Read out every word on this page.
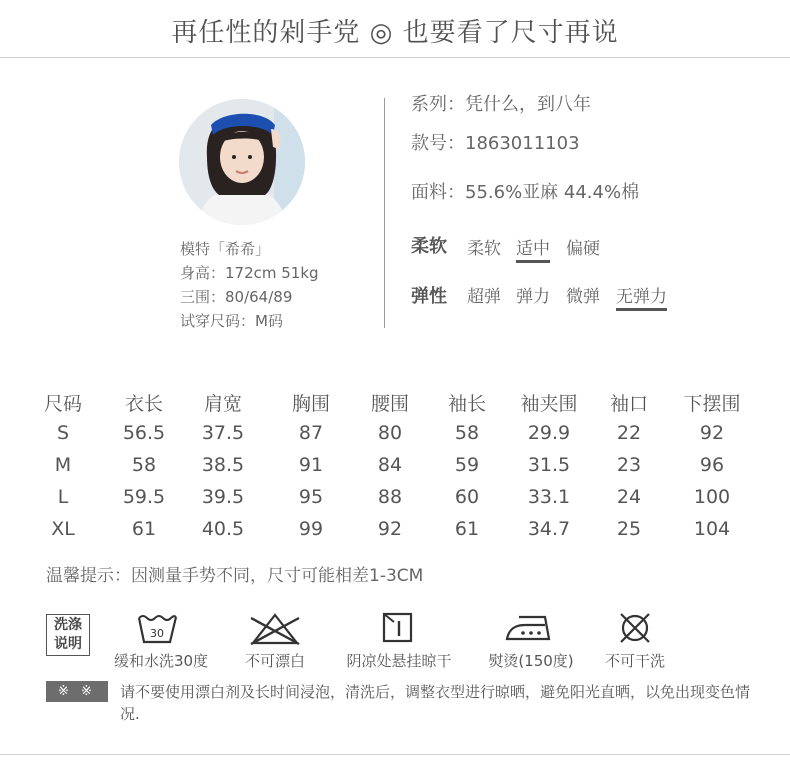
再任性的剁手党 ◎ 也要看了尺寸再说
模特「希希」
身高：172cm 51kg
三围：80/64/89
试穿尺码：M码
系列：凭什么，到八年
款号：1863011103
面料：55.6%亚麻 44.4%棉
柔软 柔软 适中 偏硬
弹性 超弹 弹力 微弹 无弹力
尺码	衣长	肩宽	胸围	腰围	袖长	袖夹围	袖口	下摆围
S	56.5	37.5	87	80	58	29.9	22	92
M	58	38.5	91	84	59	31.5	23	96
L	59.5	39.5	95	88	60	33.1	24	100
XL	61	40.5	99	92	61	34.7	25	104
温馨提示：因测量手势不同，尺寸可能相差1-3CM
洗涤
说明
30
缓和水洗30度	不可漂白	阴凉处悬挂晾干	熨烫(150度)	不可干洗
※ ※	请不要使用漂白剂及长时间浸泡，清洗后，调整衣型进行晾晒，避免阳光直晒，以免出现变色情况.
